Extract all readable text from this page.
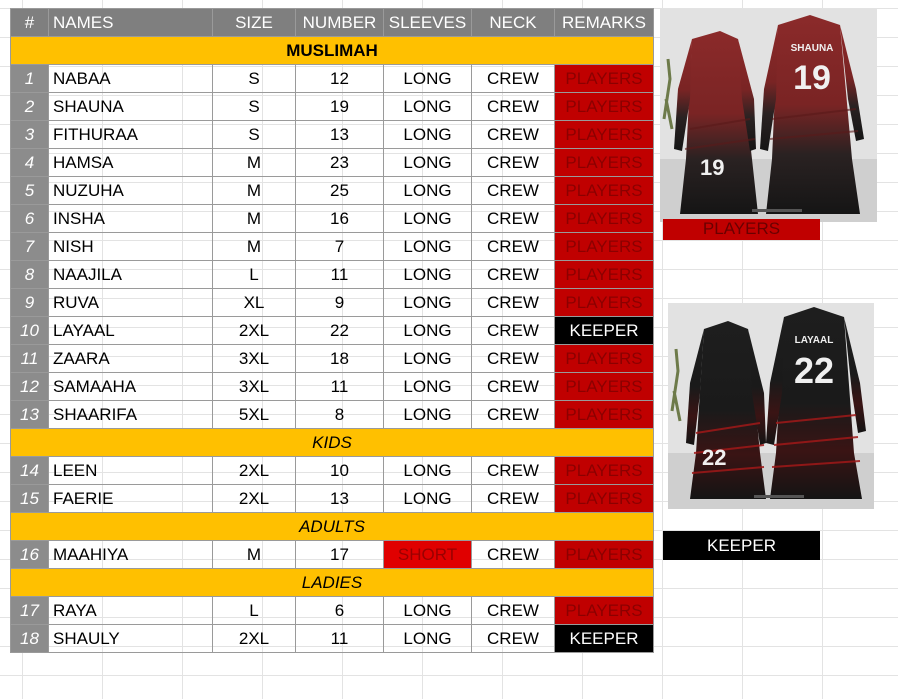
#	NAMES	SIZE	NUMBER	SLEEVES	NECK	REMARKS
MUSLIMAH						
1	NABAA	S	12	LONG	CREW	PLAYERS
2	SHAUNA	S	19	LONG	CREW	PLAYERS
3	FITHURAA	S	13	LONG	CREW	PLAYERS
4	HAMSA	M	23	LONG	CREW	PLAYERS
5	NUZUHA	M	25	LONG	CREW	PLAYERS
6	INSHA	M	16	LONG	CREW	PLAYERS
7	NISH	M	7	LONG	CREW	PLAYERS
8	NAAJILA	L	11	LONG	CREW	PLAYERS
9	RUVA	XL	9	LONG	CREW	PLAYERS
10	LAYAAL	2XL	22	LONG	CREW	KEEPER
11	ZAARA	3XL	18	LONG	CREW	PLAYERS
12	SAMAAHA	3XL	11	LONG	CREW	PLAYERS
13	SHAARIFA	5XL	8	LONG	CREW	PLAYERS
KIDS						
14	LEEN	2XL	10	LONG	CREW	PLAYERS
15	FAERIE	2XL	13	LONG	CREW	PLAYERS
ADULTS						
16	MAAHIYA	M	17	SHORT	CREW	PLAYERS
LADIES						
17	RAYA	L	6	LONG	CREW	PLAYERS
18	SHAULY	2XL	11	LONG	CREW	KEEPER
19
SHAUNA
19
PLAYERS
22
LAYAAL
22
KEEPER
